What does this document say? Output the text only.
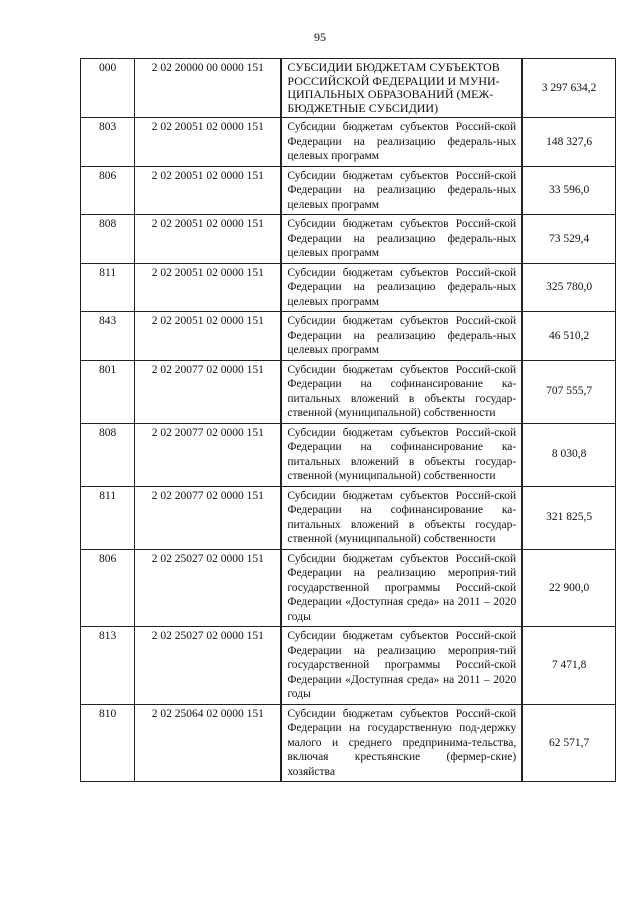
95
000	2 02 20000 00 0000 151	СУБСИДИИ БЮДЖЕТАМ СУБЪЕКТОВ РОССИЙСКОЙ ФЕДЕРАЦИИ И МУНИ-ЦИПАЛЬНЫХ ОБРАЗОВАНИЙ (МЕЖ-БЮДЖЕТНЫЕ СУБСИДИИ)	3 297 634,2
803	2 02 20051 02 0000 151	Субсидии бюджетам субъектов Россий-ской Федерации на реализацию федераль-ных целевых программ	148 327,6
806	2 02 20051 02 0000 151	Субсидии бюджетам субъектов Россий-ской Федерации на реализацию федераль-ных целевых программ	33 596,0
808	2 02 20051 02 0000 151	Субсидии бюджетам субъектов Россий-ской Федерации на реализацию федераль-ных целевых программ	73 529,4
811	2 02 20051 02 0000 151	Субсидии бюджетам субъектов Россий-ской Федерации на реализацию федераль-ных целевых программ	325 780,0
843	2 02 20051 02 0000 151	Субсидии бюджетам субъектов Россий-ской Федерации на реализацию федераль-ных целевых программ	46 510,2
801	2 02 20077 02 0000 151	Субсидии бюджетам субъектов Россий-ской Федерации на софинансирование ка-питальных вложений в объекты государ-ственной (муниципальной) собственности	707 555,7
808	2 02 20077 02 0000 151	Субсидии бюджетам субъектов Россий-ской Федерации на софинансирование ка-питальных вложений в объекты государ-ственной (муниципальной) собственности	8 030,8
811	2 02 20077 02 0000 151	Субсидии бюджетам субъектов Россий-ской Федерации на софинансирование ка-питальных вложений в объекты государ-ственной (муниципальной) собственности	321 825,5
806	2 02 25027 02 0000 151	Субсидии бюджетам субъектов Россий-ской Федерации на реализацию мероприя-тий государственной программы Россий-ской Федерации «Доступная среда» на 2011 – 2020 годы	22 900,0
813	2 02 25027 02 0000 151	Субсидии бюджетам субъектов Россий-ской Федерации на реализацию мероприя-тий государственной программы Россий-ской Федерации «Доступная среда» на 2011 – 2020 годы	7 471,8
810	2 02 25064 02 0000 151	Субсидии бюджетам субъектов Россий-ской Федерации на государственную под-держку малого и среднего предпринима-тельства, включая крестьянские (фермер-ские) хозяйства	62 571,7
